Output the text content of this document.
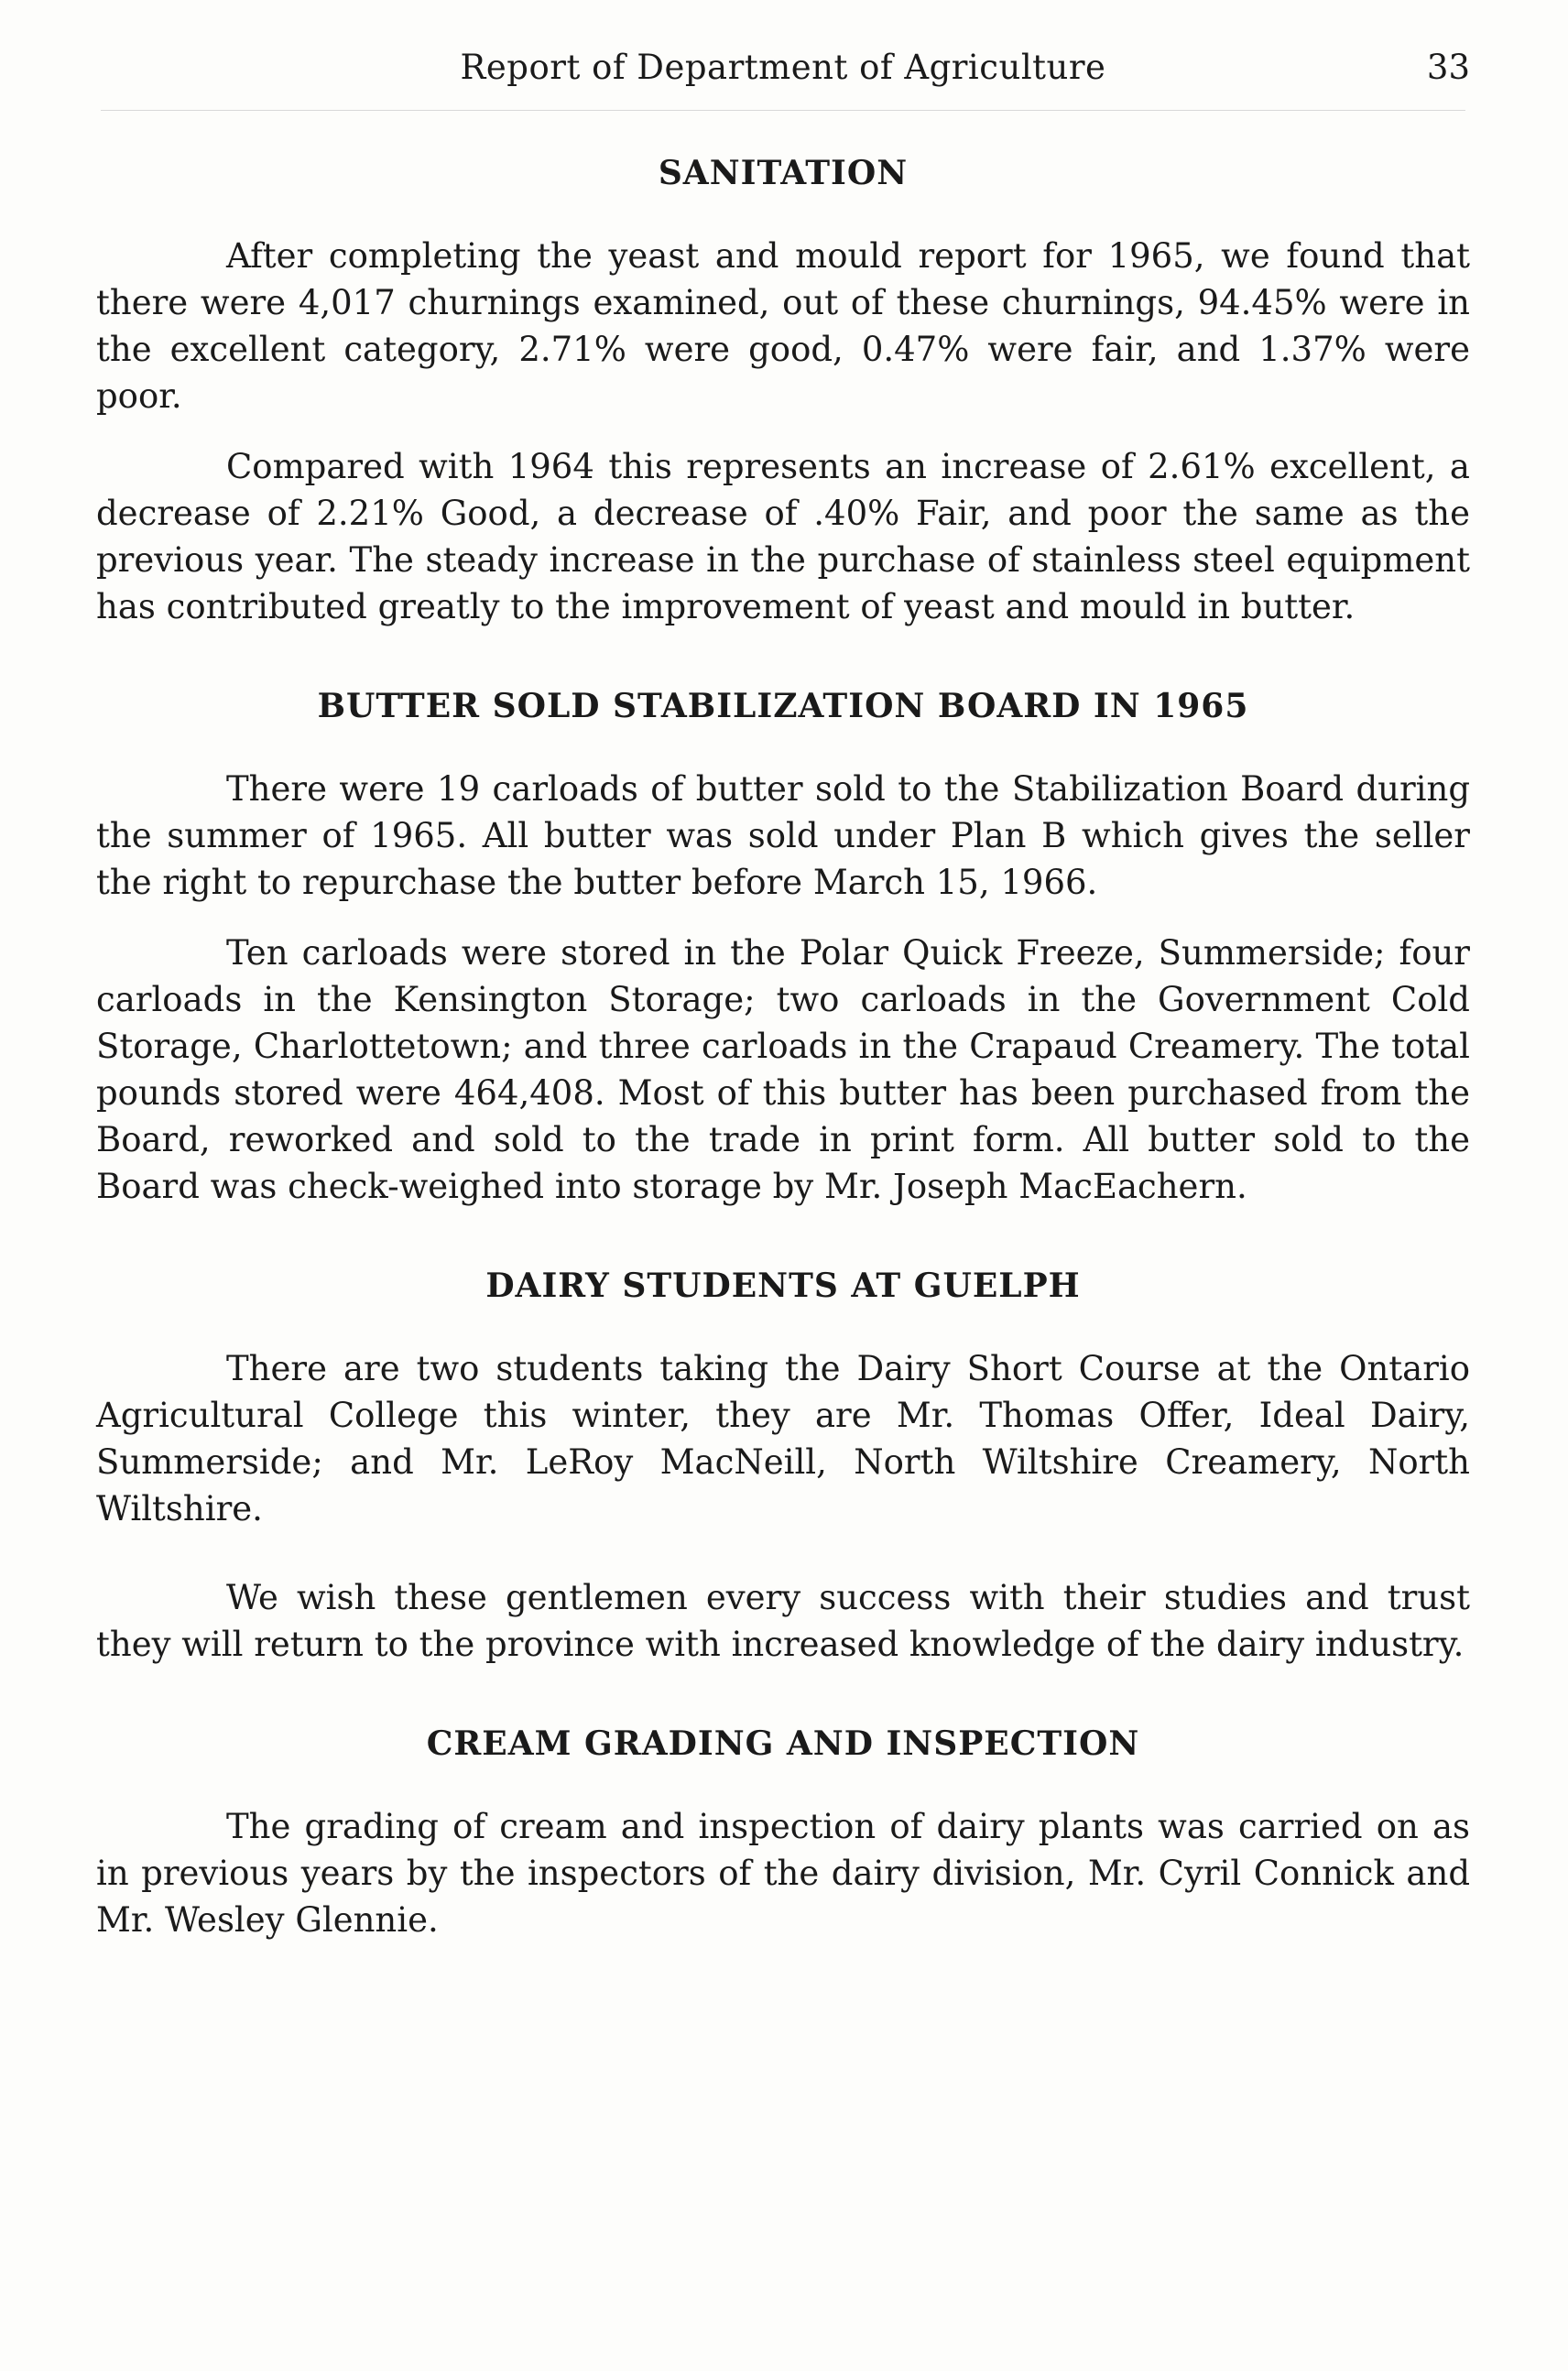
Report of Department of Agriculture	33
SANITATION

After completing the yeast and mould report for 1965, we found that there were 4,017 churnings examined, out of these churnings, 94.45% were in the excellent category, 2.71% were good, 0.47% were fair, and 1.37% were poor.

Compared with 1964 this represents an increase of 2.61% excellent, a decrease of 2.21% Good, a decrease of .40% Fair, and poor the same as the previous year. The steady increase in the purchase of stainless steel equipment has contributed greatly to the improvement of yeast and mould in butter.

BUTTER SOLD STABILIZATION BOARD IN 1965

There were 19 carloads of butter sold to the Stabilization Board during the summer of 1965. All butter was sold under Plan B which gives the seller the right to repurchase the butter before March 15, 1966.

Ten carloads were stored in the Polar Quick Freeze, Summerside; four carloads in the Kensington Storage; two carloads in the Government Cold Storage, Charlottetown; and three carloads in the Crapaud Creamery. The total pounds stored were 464,408. Most of this butter has been purchased from the Board, reworked and sold to the trade in print form. All butter sold to the Board was check-weighed into storage by Mr. Joseph MacEachern.

DAIRY STUDENTS AT GUELPH

There are two students taking the Dairy Short Course at the Ontario Agricultural College this winter, they are Mr. Thomas Offer, Ideal Dairy, Summerside; and Mr. LeRoy MacNeill, North Wiltshire Creamery, North Wiltshire.

We wish these gentlemen every success with their studies and trust they will return to the province with increased knowledge of the dairy industry.

CREAM GRADING AND INSPECTION

The grading of cream and inspection of dairy plants was carried on as in previous years by the inspectors of the dairy division, Mr. Cyril Connick and Mr. Wesley Glennie.
